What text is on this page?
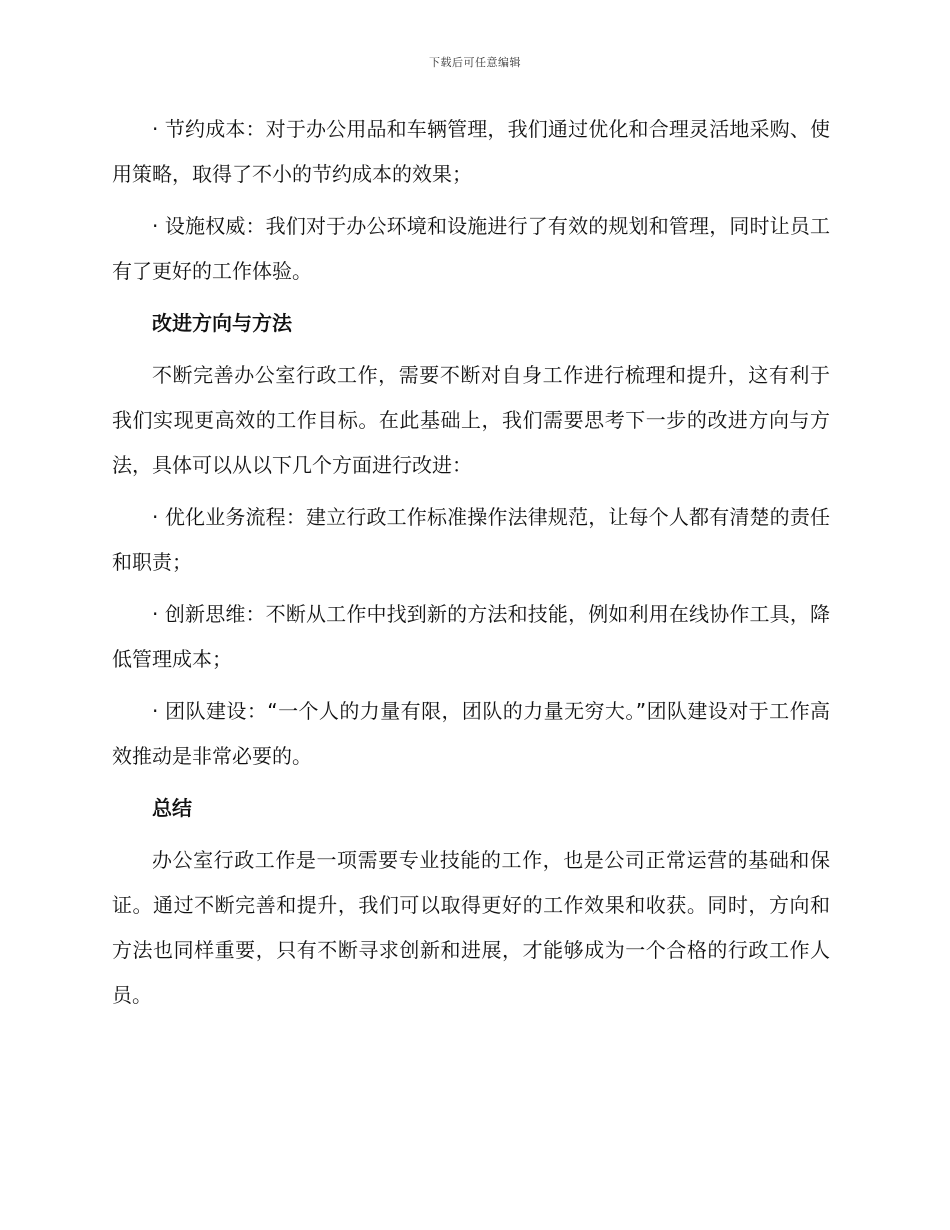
下载后可任意编辑

· 节约成本：对于办公用品和车辆管理，我们通过优化和合理灵活地采购、使用策略，取得了不小的节约成本的效果；

· 设施权威：我们对于办公环境和设施进行了有效的规划和管理，同时让员工有了更好的工作体验。

改进方向与方法

不断完善办公室行政工作，需要不断对自身工作进行梳理和提升，这有利于我们实现更高效的工作目标。在此基础上，我们需要思考下一步的改进方向与方法，具体可以从以下几个方面进行改进：

· 优化业务流程：建立行政工作标准操作法律规范，让每个人都有清楚的责任和职责；

· 创新思维：不断从工作中找到新的方法和技能，例如利用在线协作工具，降低管理成本；

· 团队建设：“一个人的力量有限，团队的力量无穷大。”团队建设对于工作高效推动是非常必要的。

总结

办公室行政工作是一项需要专业技能的工作，也是公司正常运营的基础和保证。通过不断完善和提升，我们可以取得更好的工作效果和收获。同时，方向和方法也同样重要，只有不断寻求创新和进展，才能够成为一个合格的行政工作人员。
